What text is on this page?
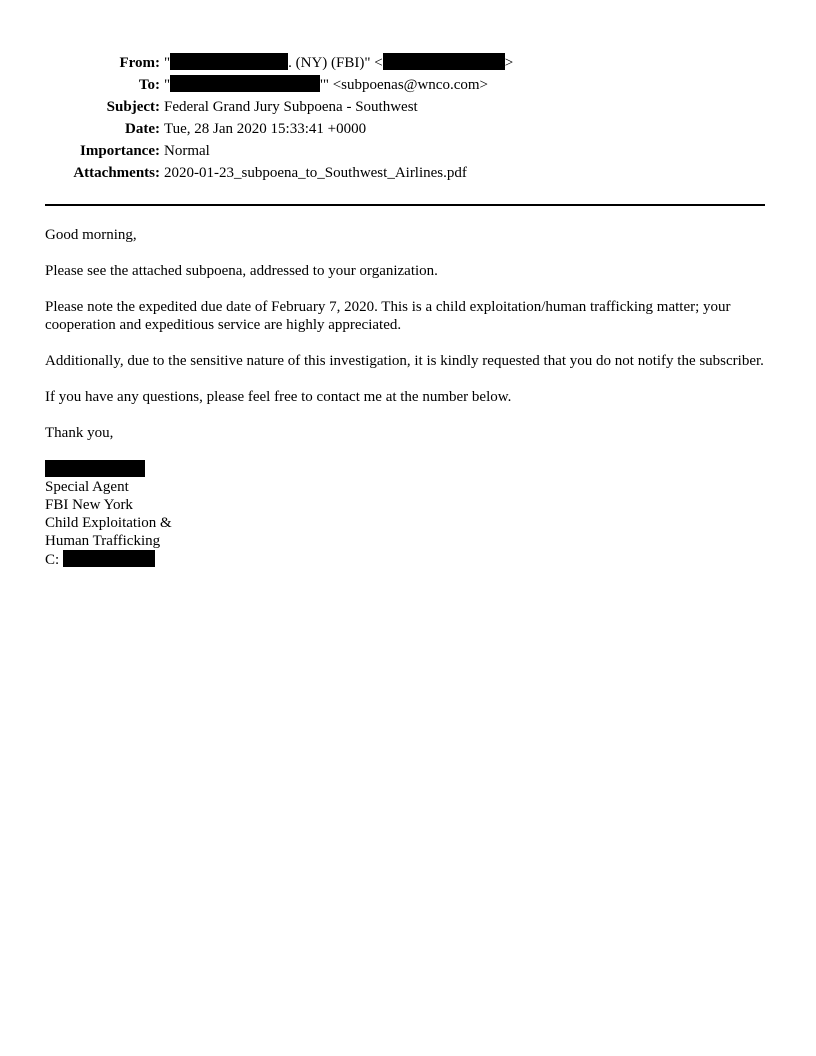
From: "	. (NY) (FBI)" <	>
To: "	'" <subpoenas@wnco.com>
Subject: Federal Grand Jury Subpoena - Southwest
Date: Tue, 28 Jan 2020 15:33:41 +0000
Importance: Normal
Attachments: 2020-01-23_subpoena_to_Southwest_Airlines.pdf

Good morning,

Please see the attached subpoena, addressed to your organization.

Please note the expedited due date of February 7, 2020. This is a child exploitation/human trafficking matter; your cooperation and expeditious service are highly appreciated.

Additionally, due to the sensitive nature of this investigation, it is kindly requested that you do not notify the subscriber.

If you have any questions, please feel free to contact me at the number below.

Thank you,

Special Agent
FBI New York
Child Exploitation &
Human Trafficking
C:
